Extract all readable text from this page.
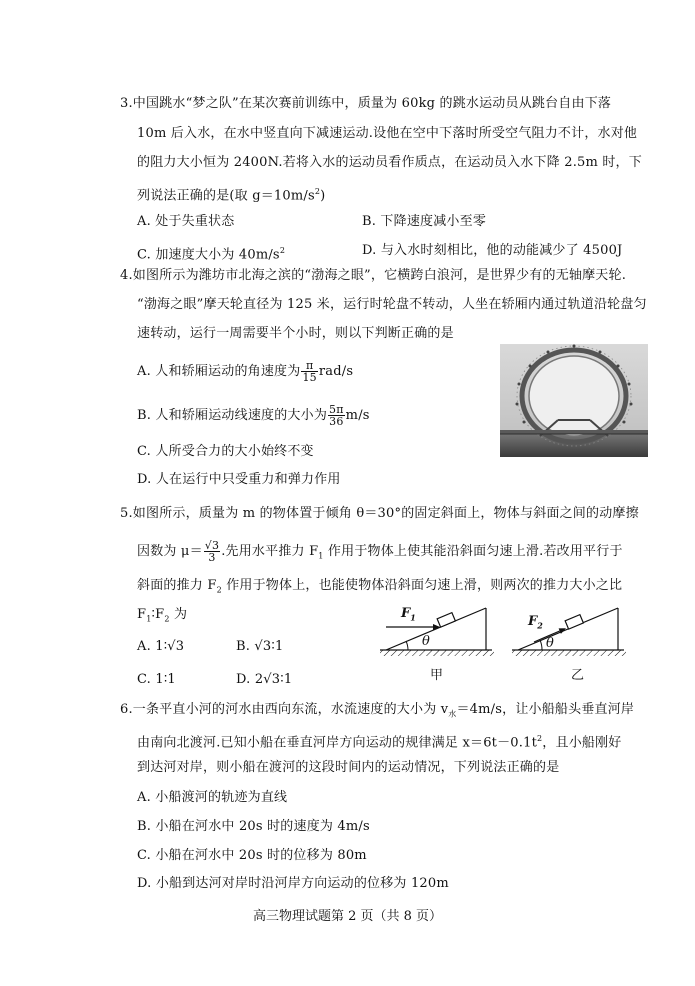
3.中国跳水“梦之队”在某次赛前训练中，质量为 60kg 的跳水运动员从跳台自由下落
10m 后入水，在水中竖直向下减速运动.设他在空中下落时所受空气阻力不计，水对他
的阻力大小恒为 2400N.若将入水的运动员看作质点，在运动员入水下降 2.5m 时，下
列说法正确的是(取 $g=10m/s^2$)
A. 处于失重状态	B. 下降速度减小至零
C. 加速度大小为 $40m/s^2$	D. 与入水时刻相比，他的动能减少了 4500J
4.如图所示为潍坊市北海之滨的“渤海之眼”，它横跨白浪河，是世界少有的无轴摩天轮.
“渤海之眼”摩天轮直径为 125 米，运行时轮盘不转动，人坐在轿厢内通过轨道沿轮盘匀
速转动，运行一周需要半个小时，则以下判断正确的是
A. 人和轿厢运动的角速度为 $\frac{\pi}{15} rad/s$
B. 人和轿厢运动线速度的大小为 $\frac{5\pi}{36} m/s$
C. 人所受合力的大小始终不变
D. 人在运行中只受重力和弹力作用
5.如图所示，质量为 m 的物体置于倾角 θ＝30°的固定斜面上，物体与斜面之间的动摩擦
因数为 $\mu= \frac{√3}{3}$ .先用水平推力 $F_1$ 作用于物体上使其能沿斜面匀速上滑.若改用平行于
斜面的推力 $F_2$ 作用于物体上，也能使物体沿斜面匀速上滑，则两次的推力大小之比
$F_1∶F_2$ 为
A. 1∶√3	B. √3∶1
C. 1∶1	D. 2√3∶1
$F_1$
θ
甲
$F_2$
θ
乙
6.一条平直小河的河水由西向东流，水流速度的大小为 $v_水=4m/s$，让小船船头垂直河岸
由南向北渡河.已知小船在垂直河岸方向运动的规律满足 $x=6t-0.1t^2$，且小船刚好
到达河对岸，则小船在渡河的这段时间内的运动情况，下列说法正确的是
A. 小船渡河的轨迹为直线
B. 小船在河水中 20s 时的速度为 4m/s
C. 小船在河水中 20s 时的位移为 80m
D. 小船到达河对岸时沿河岸方向运动的位移为 120m
高三物理试题第 2 页（共 8 页）
